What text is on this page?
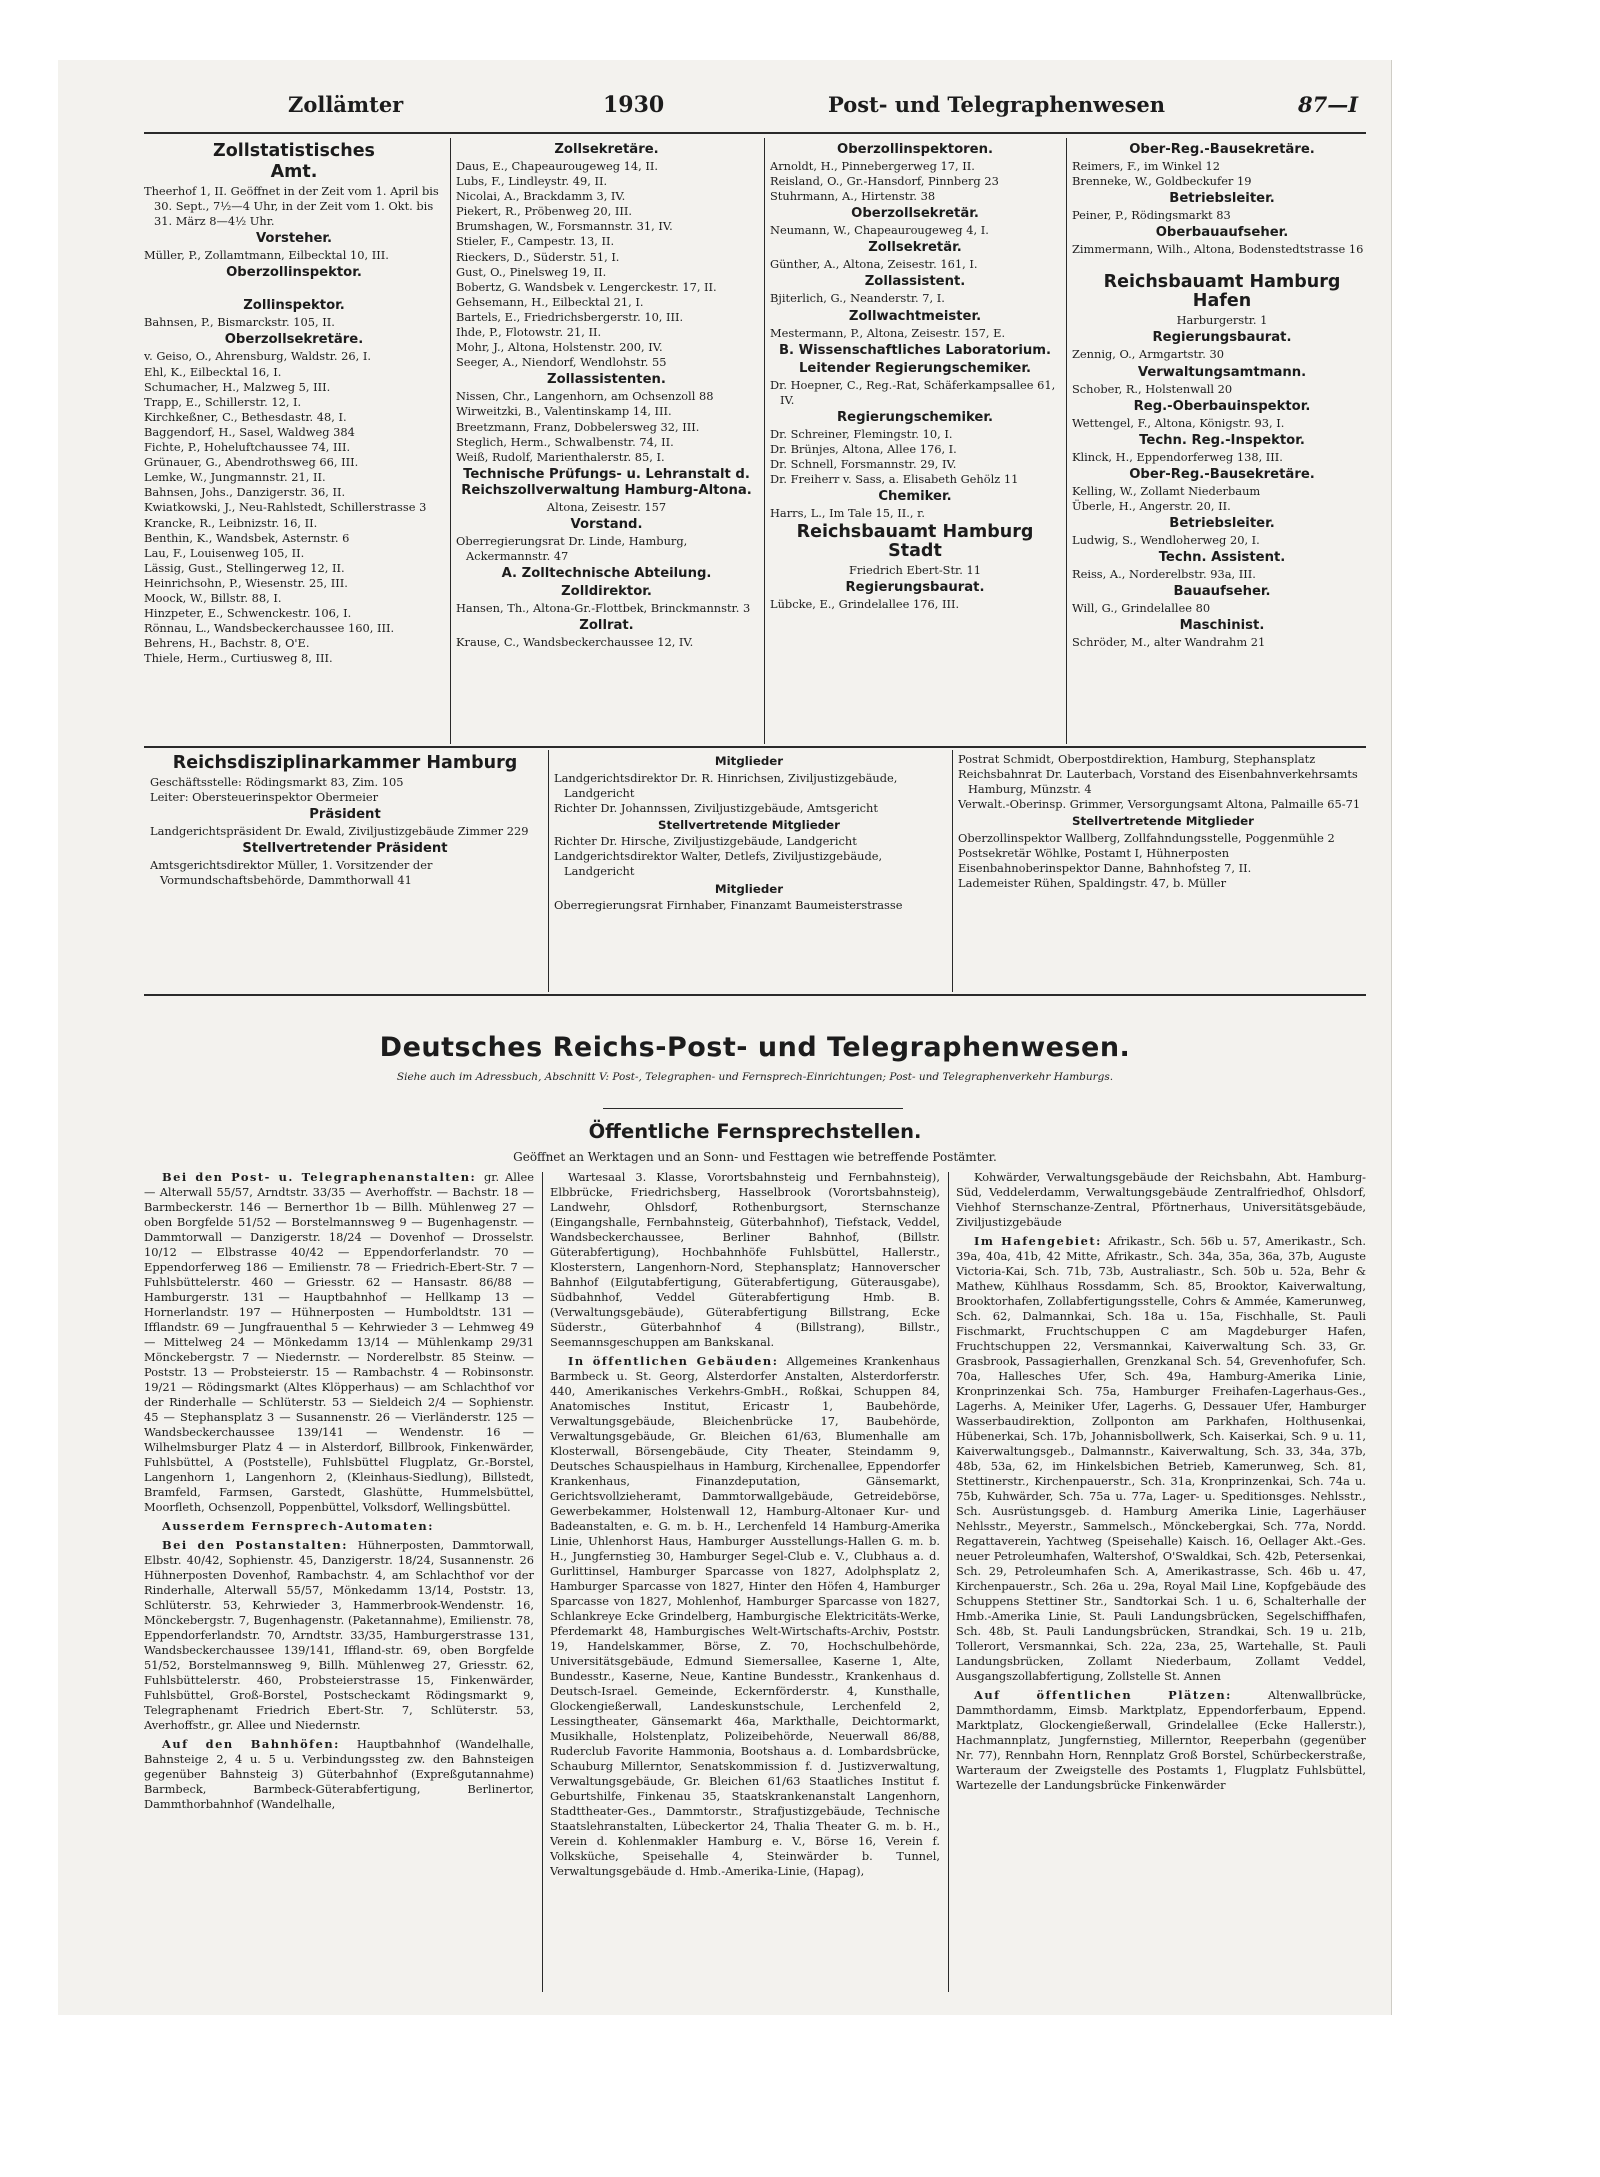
Zollämter	1930	Post- und Telegraphenwesen	87—I
Zollstatistisches
Amt.

Theerhof 1, II. Geöffnet in der Zeit vom 1. April bis 30. Sept., 7½—4 Uhr, in der Zeit vom 1. Okt. bis 31. März 8—4½ Uhr.

Vorsteher.

Müller, P., Zollamtmann, Eilbecktal 10, III.

Oberzollinspektor.
Zollinspektor.

Bahnsen, P., Bismarckstr. 105, II.

Oberzollsekretäre.

v. Geiso, O., Ahrensburg, Waldstr. 26, I.

Ehl, K., Eilbecktal 16, I.

Schumacher, H., Malzweg 5, III.

Trapp, E., Schillerstr. 12, I.

Kirchkeßner, C., Bethesdastr. 48, I.

Baggendorf, H., Sasel, Waldweg 384

Fichte, P., Hoheluftchaussee 74, III.

Grünauer, G., Abendrothsweg 66, III.

Lemke, W., Jungmannstr. 21, II.

Bahnsen, Johs., Danzigerstr. 36, II.

Kwiatkowski, J., Neu-Rahlstedt, Schillerstrasse 3

Krancke, R., Leibnizstr. 16, II.

Benthin, K., Wandsbek, Asternstr. 6

Lau, F., Louisenweg 105, II.

Lässig, Gust., Stellingerweg 12, II.

Heinrichsohn, P., Wiesenstr. 25, III.

Moock, W., Billstr. 88, I.

Hinzpeter, E., Schwenckestr. 106, I.

Rönnau, L., Wandsbeckerchaussee 160, III.

Behrens, H., Bachstr. 8, O'E.

Thiele, Herm., Curtiusweg 8, III.

Zollsekretäre.

Daus, E., Chapeaurougeweg 14, II.

Lubs, F., Lindleystr. 49, II.

Nicolai, A., Brackdamm 3, IV.

Piekert, R., Pröbenweg 20, III.

Brumshagen, W., Forsmannstr. 31, IV.

Stieler, F., Campestr. 13, II.

Rieckers, D., Süderstr. 51, I.

Gust, O., Pinelsweg 19, II.

Bobertz, G. Wandsbek v. Lengerckestr. 17, II.

Gehsemann, H., Eilbecktal 21, I.

Bartels, E., Friedrichsbergerstr. 10, III.

Ihde, P., Flotowstr. 21, II.

Mohr, J., Altona, Holstenstr. 200, IV.

Seeger, A., Niendorf, Wendlohstr. 55

Zollassistenten.

Nissen, Chr., Langenhorn, am Ochsenzoll 88

Wirweitzki, B., Valentinskamp 14, III.

Breetzmann, Franz, Dobbelersweg 32, III.

Steglich, Herm., Schwalbenstr. 74, II.

Weiß, Rudolf, Marienthalerstr. 85, I.

Technische Prüfungs- u. Lehranstalt d. Reichszollverwaltung Hamburg-Altona.

Altona, Zeisestr. 157

Vorstand.

Oberregierungsrat Dr. Linde, Hamburg, Ackermannstr. 47

A. Zolltechnische Abteilung.
Zolldirektor.

Hansen, Th., Altona-Gr.-Flottbek, Brinckmannstr. 3

Zollrat.

Krause, C., Wandsbeckerchaussee 12, IV.

Oberzollinspektoren.

Arnoldt, H., Pinnebergerweg 17, II.

Reisland, O., Gr.-Hansdorf, Pinnberg 23

Stuhrmann, A., Hirtenstr. 38

Oberzollsekretär.

Neumann, W., Chapeaurougeweg 4, I.

Zollsekretär.

Günther, A., Altona, Zeisestr. 161, I.

Zollassistent.

Bjiterlich, G., Neanderstr. 7, I.

Zollwachtmeister.

Mestermann, P., Altona, Zeisestr. 157, E.

B. Wissenschaftliches Laboratorium.
Leitender Regierungschemiker.

Dr. Hoepner, C., Reg.-Rat, Schäferkampsallee 61, IV.

Regierungschemiker.

Dr. Schreiner, Flemingstr. 10, I.

Dr. Brünjes, Altona, Allee 176, I.

Dr. Schnell, Forsmannstr. 29, IV.

Dr. Freiherr v. Sass, a. Elisabeth Gehölz 11

Chemiker.

Harrs, L., Im Tale 15, II., r.

Reichsbauamt Hamburg Stadt

Friedrich Ebert-Str. 11

Regierungsbaurat.

Lübcke, E., Grindelallee 176, III.

Ober-Reg.-Bausekretäre.

Reimers, F., im Winkel 12

Brenneke, W., Goldbeckufer 19

Betriebsleiter.

Peiner, P., Rödingsmarkt 83

Oberbauaufseher.

Zimmermann, Wilh., Altona, Bodenstedtstrasse 16

Reichsbauamt Hamburg Hafen

Harburgerstr. 1

Regierungsbaurat.

Zennig, O., Armgartstr. 30

Verwaltungsamtmann.

Schober, R., Holstenwall 20

Reg.-Oberbauinspektor.

Wettengel, F., Altona, Königstr. 93, I.

Techn. Reg.-Inspektor.

Klinck, H., Eppendorferweg 138, III.

Ober-Reg.-Bausekretäre.

Kelling, W., Zollamt Niederbaum

Überle, H., Angerstr. 20, II.

Betriebsleiter.

Ludwig, S., Wendloherweg 20, I.

Techn. Assistent.

Reiss, A., Norderelbstr. 93a, III.

Bauaufseher.

Will, G., Grindelallee 80

Maschinist.

Schröder, M., alter Wandrahm 21

Reichsdisziplinarkammer Hamburg

Geschäftsstelle: Rödingsmarkt 83, Zim. 105

Leiter: Obersteuerinspektor Obermeier

Präsident

Landgerichtspräsident Dr. Ewald, Ziviljustizgebäude Zimmer 229

Stellvertretender Präsident

Amtsgerichtsdirektor Müller, 1. Vorsitzender der Vormundschaftsbehörde, Dammthorwall 41

Mitglieder

Landgerichtsdirektor Dr. R. Hinrichsen, Ziviljustizgebäude, Landgericht

Richter Dr. Johannssen, Ziviljustizgebäude, Amtsgericht

Stellvertretende Mitglieder

Richter Dr. Hirsche, Ziviljustizgebäude, Landgericht

Landgerichtsdirektor Walter, Detlefs, Ziviljustizgebäude, Landgericht

Mitglieder

Oberregierungsrat Firnhaber, Finanzamt Baumeisterstrasse

Postrat Schmidt, Oberpostdirektion, Hamburg, Stephansplatz

Reichsbahnrat Dr. Lauterbach, Vorstand des Eisenbahnverkehrsamts Hamburg, Münzstr. 4

Verwalt.-Oberinsp. Grimmer, Versorgungsamt Altona, Palmaille 65-71

Stellvertretende Mitglieder

Oberzollinspektor Wallberg, Zollfahndungsstelle, Poggenmühle 2

Postsekretär Wöhlke, Postamt I, Hühnerposten

Eisenbahnoberinspektor Danne, Bahnhofsteg 7, II.

Lademeister Rühen, Spaldingstr. 47, b. Müller

Deutsches Reichs-Post- und Telegraphenwesen.
Siehe auch im Adressbuch, Abschnitt V: Post-, Telegraphen- und Fernsprech-Einrichtungen; Post- und Telegraphenverkehr Hamburgs.
Öffentliche Fernsprechstellen.
Geöffnet an Werktagen und an Sonn- und Festtagen wie betreffende Postämter.

Bei den Post- u. Telegraphenanstalten: gr. Allee — Alterwall 55/57, Arndtstr. 33/35 — Averhoffstr. — Bachstr. 18 — Barmbeckerstr. 146 — Bernerthor 1b — Billh. Mühlenweg 27 — oben Borgfelde 51/52 — Borstelmannsweg 9 — Bugenhagenstr. — Dammtorwall — Danzigerstr. 18/24 — Dovenhof — Drosselstr. 10/12 — Elbstrasse 40/42 — Eppendorferlandstr. 70 — Eppendorferweg 186 — Emilienstr. 78 — Friedrich-Ebert-Str. 7 — Fuhlsbüttelerstr. 460 — Griesstr. 62 — Hansastr. 86/88 — Hamburgerstr. 131 — Hauptbahnhof — Hellkamp 13 — Hornerlandstr. 197 — Hühnerposten — Humboldtstr. 131 — Ifflandstr. 69 — Jungfrauenthal 5 — Kehrwieder 3 — Lehmweg 49 — Mittelweg 24 — Mönkedamm 13/14 — Mühlenkamp 29/31 Mönckebergstr. 7 — Niedernstr. — Norderelbstr. 85 Steinw. — Poststr. 13 — Probsteierstr. 15 — Rambachstr. 4 — Robinsonstr. 19/21 — Rödingsmarkt (Altes Klöpperhaus) — am Schlachthof vor der Rinderhalle — Schlüterstr. 53 — Sieldeich 2/4 — Sophienstr. 45 — Stephansplatz 3 — Susannenstr. 26 — Vierländerstr. 125 — Wandsbeckerchaussee 139/141 — Wendenstr. 16 — Wilhelmsburger Platz 4 — in Alsterdorf, Billbrook, Finkenwärder, Fuhlsbüttel, A (Poststelle), Fuhlsbüttel Flugplatz, Gr.-Borstel, Langenhorn 1, Langenhorn 2, (Kleinhaus-Siedlung), Billstedt, Bramfeld, Farmsen, Garstedt, Glashütte, Hummelsbüttel, Moorfleth, Ochsenzoll, Poppenbüttel, Volksdorf, Wellingsbüttel.

Ausserdem Fernsprech-Automaten:

Bei den Postanstalten: Hühnerposten, Dammtorwall, Elbstr. 40/42, Sophienstr. 45, Danzigerstr. 18/24, Susannenstr. 26 Hühnerposten Dovenhof, Rambachstr. 4, am Schlachthof vor der Rinderhalle, Alterwall 55/57, Mönkedamm 13/14, Poststr. 13, Schlüterstr. 53, Kehrwieder 3, Hammerbrook-Wendenstr. 16, Mönckebergstr. 7, Bugenhagenstr. (Paketannahme), Emilienstr. 78, Eppendorferlandstr. 70, Arndtstr. 33/35, Hamburgerstrasse 131, Wandsbeckerchaussee 139/141, Iffland-str. 69, oben Borgfelde 51/52, Borstelmannsweg 9, Billh. Mühlenweg 27, Griesstr. 62, Fuhlsbüttelerstr. 460, Probsteierstrasse 15, Finkenwärder, Fuhlsbüttel, Groß-Borstel, Postscheckamt Rödingsmarkt 9, Telegraphenamt Friedrich Ebert-Str. 7, Schlüterstr. 53, Averhoffstr., gr. Allee und Niedernstr.

Auf den Bahnhöfen: Hauptbahnhof (Wandelhalle, Bahnsteige 2, 4 u. 5 u. Verbindungssteg zw. den Bahnsteigen gegenüber Bahnsteig 3) Güterbahnhof (Expreßgutannahme) Barmbeck, Barmbeck-Güterabfertigung, Berlinertor, Dammthorbahnhof (Wandelhalle,

Wartesaal 3. Klasse, Vorortsbahnsteig und Fernbahnsteig), Elbbrücke, Friedrichsberg, Hasselbrook (Vorortsbahnsteig), Landwehr, Ohlsdorf, Rothenburgsort, Sternschanze (Eingangshalle, Fernbahnsteig, Güterbahnhof), Tiefstack, Veddel, Wandsbeckerchaussee, Berliner Bahnhof, (Billstr. Güterabfertigung), Hochbahnhöfe Fuhlsbüttel, Hallerstr., Klosterstern, Langenhorn-Nord, Stephansplatz; Hannoverscher Bahnhof (Eilgutabfertigung, Güterabfertigung, Güterausgabe), Südbahnhof, Veddel Güterabfertigung Hmb. B. (Verwaltungsgebäude), Güterabfertigung Billstrang, Ecke Süderstr., Güterbahnhof 4 (Billstrang), Billstr., Seemannsgeschuppen am Bankskanal.

In öffentlichen Gebäuden: Allgemeines Krankenhaus Barmbeck u. St. Georg, Alsterdorfer Anstalten, Alsterdorferstr. 440, Amerikanisches Verkehrs-GmbH., Roßkai, Schuppen 84, Anatomisches Institut, Ericastr 1, Baubehörde, Verwaltungsgebäude, Bleichenbrücke 17, Baubehörde, Verwaltungsgebäude, Gr. Bleichen 61/63, Blumenhalle am Klosterwall, Börsengebäude, City Theater, Steindamm 9, Deutsches Schauspielhaus in Hamburg, Kirchenallee, Eppendorfer Krankenhaus, Finanzdeputation, Gänsemarkt, Gerichtsvollzieheramt, Dammtorwallgebäude, Getreidebörse, Gewerbekammer, Holstenwall 12, Hamburg-Altonaer Kur- und Badeanstalten, e. G. m. b. H., Lerchenfeld 14 Hamburg-Amerika Linie, Uhlenhorst Haus, Hamburger Ausstellungs-Hallen G. m. b. H., Jungfernstieg 30, Hamburger Segel-Club e. V., Clubhaus a. d. Gurlittinsel, Hamburger Sparcasse von 1827, Adolphsplatz 2, Hamburger Sparcasse von 1827, Hinter den Höfen 4, Hamburger Sparcasse von 1827, Mohlenhof, Hamburger Sparcasse von 1827, Schlankreye Ecke Grindelberg, Hamburgische Elektricitäts-Werke, Pferdemarkt 48, Hamburgisches Welt-Wirtschafts-Archiv, Poststr. 19, Handelskammer, Börse, Z. 70, Hochschulbehörde, Universitätsgebäude, Edmund Siemersallee, Kaserne 1, Alte, Bundesstr., Kaserne, Neue, Kantine Bundesstr., Krankenhaus d. Deutsch-Israel. Gemeinde, Eckernförderstr. 4, Kunsthalle, Glockengießerwall, Landeskunstschule, Lerchenfeld 2, Lessingtheater, Gänsemarkt 46a, Markthalle, Deichtormarkt, Musikhalle, Holstenplatz, Polizeibehörde, Neuerwall 86/88, Ruderclub Favorite Hammonia, Bootshaus a. d. Lombardsbrücke, Schauburg Millerntor, Senatskommission f. d. Justizverwaltung, Verwaltungsgebäude, Gr. Bleichen 61/63 Staatliches Institut f. Geburtshilfe, Finkenau 35, Staatskrankenanstalt Langenhorn, Stadttheater-Ges., Dammtorstr., Strafjustizgebäude, Technische Staatslehranstalten, Lübeckertor 24, Thalia Theater G. m. b. H., Verein d. Kohlenmakler Hamburg e. V., Börse 16, Verein f. Volksküche, Speisehalle 4, Steinwärder b. Tunnel, Verwaltungsgebäude d. Hmb.-Amerika-Linie, (Hapag),

Kohwärder, Verwaltungsgebäude der Reichsbahn, Abt. Hamburg-Süd, Veddelerdamm, Verwaltungsgebäude Zentralfriedhof, Ohlsdorf, Viehhof Sternschanze-Zentral, Pförtnerhaus, Universitätsgebäude, Ziviljustizgebäude

Im Hafengebiet: Afrikastr., Sch. 56b u. 57, Amerikastr., Sch. 39a, 40a, 41b, 42 Mitte, Afrikastr., Sch. 34a, 35a, 36a, 37b, Auguste Victoria-Kai, Sch. 71b, 73b, Australiastr., Sch. 50b u. 52a, Behr & Mathew, Kühlhaus Rossdamm, Sch. 85, Brooktor, Kaiverwaltung, Brooktorhafen, Zollabfertigungsstelle, Cohrs & Ammée, Kamerunweg, Sch. 62, Dalmannkai, Sch. 18a u. 15a, Fischhalle, St. Pauli Fischmarkt, Fruchtschuppen C am Magdeburger Hafen, Fruchtschuppen 22, Versmannkai, Kaiverwaltung Sch. 33, Gr. Grasbrook, Passagierhallen, Grenzkanal Sch. 54, Grevenhofufer, Sch. 70a, Hallesches Ufer, Sch. 49a, Hamburg-Amerika Linie, Kronprinzenkai Sch. 75a, Hamburger Freihafen-Lagerhaus-Ges., Lagerhs. A, Meiniker Ufer, Lagerhs. G, Dessauer Ufer, Hamburger Wasserbaudirektion, Zollponton am Parkhafen, Holthusenkai, Hübenerkai, Sch. 17b, Johannisbollwerk, Sch. Kaiserkai, Sch. 9 u. 11, Kaiverwaltungsgeb., Dalmannstr., Kaiverwaltung, Sch. 33, 34a, 37b, 48b, 53a, 62, im Hinkelsbichen Betrieb, Kamerunweg, Sch. 81, Stettinerstr., Kirchenpauerstr., Sch. 31a, Kronprinzenkai, Sch. 74a u. 75b, Kuhwärder, Sch. 75a u. 77a, Lager- u. Speditionsges. Nehlsstr., Sch. Ausrüstungsgeb. d. Hamburg Amerika Linie, Lagerhäuser Nehlsstr., Meyerstr., Sammelsch., Mönckebergkai, Sch. 77a, Nordd. Regattaverein, Yachtweg (Speisehalle) Kaisch. 16, Oellager Akt.-Ges. neuer Petroleumhafen, Waltershof, O'Swaldkai, Sch. 42b, Petersenkai, Sch. 29, Petroleumhafen Sch. A, Amerikastrasse, Sch. 46b u. 47, Kirchenpauerstr., Sch. 26a u. 29a, Royal Mail Line, Kopfgebäude des Schuppens Stettiner Str., Sandtorkai Sch. 1 u. 6, Schalterhalle der Hmb.-Amerika Linie, St. Pauli Landungsbrücken, Segelschiffhafen, Sch. 48b, St. Pauli Landungsbrücken, Strandkai, Sch. 19 u. 21b, Tollerort, Versmannkai, Sch. 22a, 23a, 25, Wartehalle, St. Pauli Landungsbrücken, Zollamt Niederbaum, Zollamt Veddel, Ausgangszollabfertigung, Zollstelle St. Annen

Auf öffentlichen Plätzen: Altenwallbrücke, Dammthordamm, Eimsb. Marktplatz, Eppendorferbaum, Eppend. Marktplatz, Glockengießerwall, Grindelallee (Ecke Hallerstr.), Hachmannplatz, Jungfernstieg, Millerntor, Reeperbahn (gegenüber Nr. 77), Rennbahn Horn, Rennplatz Groß Borstel, Schürbeckerstraße, Warteraum der Zweigstelle des Postamts 1, Flugplatz Fuhlsbüttel, Wartezelle der Landungsbrücke Finkenwärder
